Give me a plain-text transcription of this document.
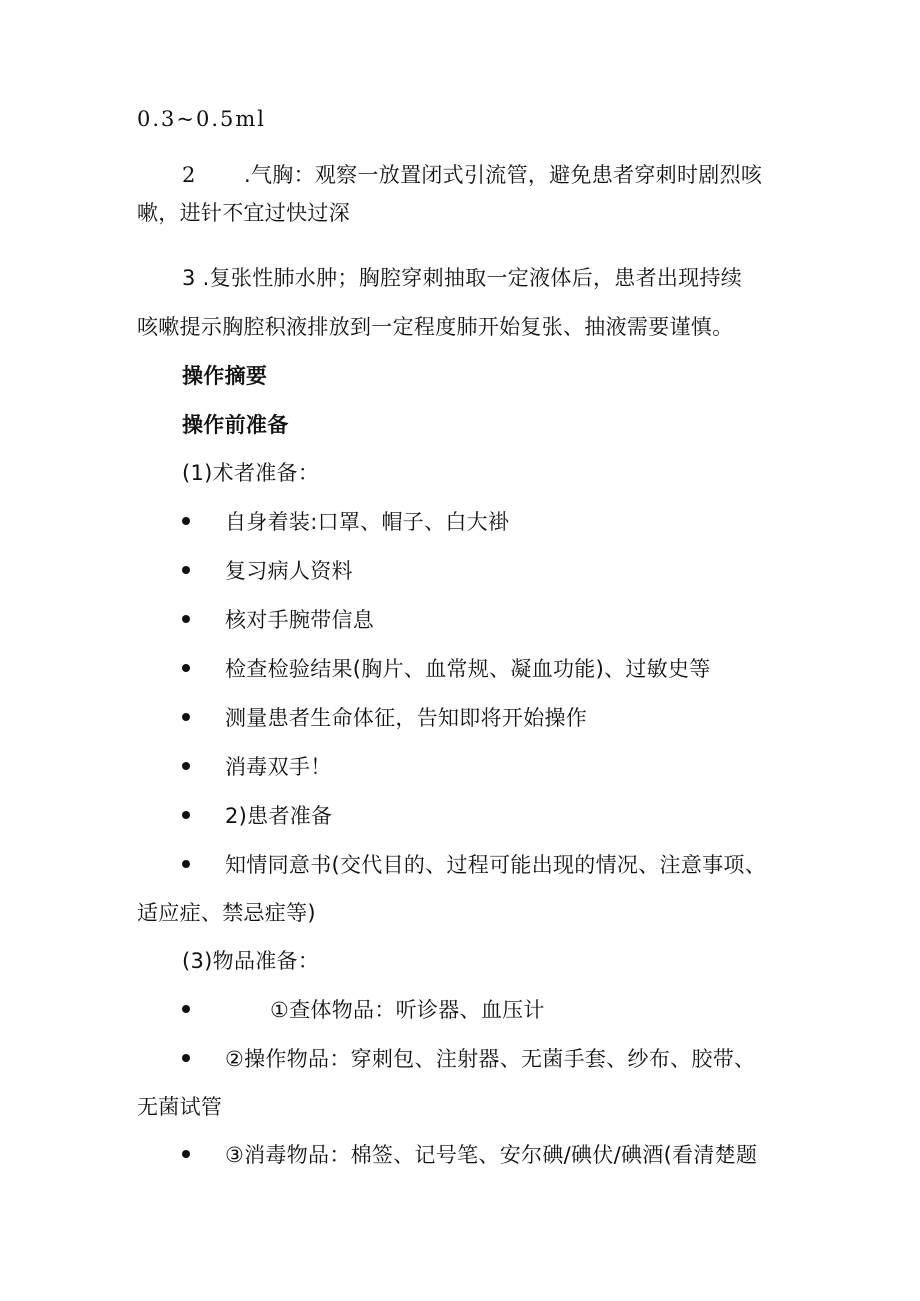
0.3~0.5ml

2 .气胸：观察一放置闭式引流管，避免患者穿刺时剧烈咳

嗽，进针不宜过快过深

3 .复张性肺水肿；胸腔穿刺抽取一定液体后，患者出现持续

咳嗽提示胸腔积液排放到一定程度肺开始复张、抽液需要谨慎。

操作摘要

操作前准备

(1)术者准备：

自身着装:口罩、帽子、白大褂

复习病人资料

核对手腕带信息

检查检验结果(胸片、血常规、凝血功能)、过敏史等

测量患者生命体征，告知即将开始操作

消毒双手！

2)患者准备

知情同意书(交代目的、过程可能出现的情况、注意事项、

适应症、禁忌症等)

(3)物品准备：

①查体物品：听诊器、血压计

②操作物品：穿刺包、注射器、无菌手套、纱布、胶带、

无菌试管

③消毒物品：棉签、记号笔、安尔碘/碘伏/碘酒(看清楚题
